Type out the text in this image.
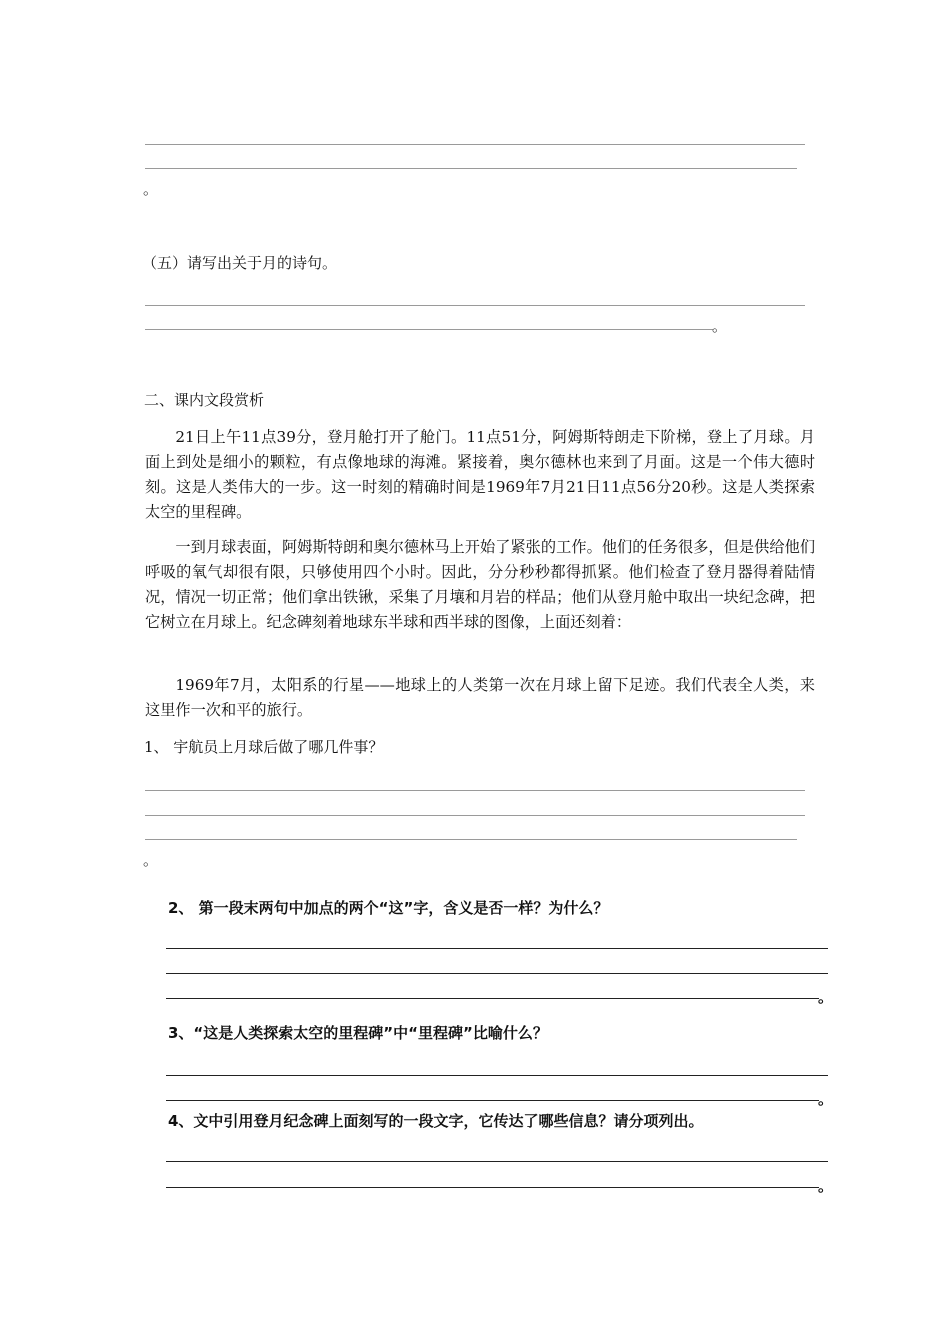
。
（五）请写出关于月的诗句。
。
二、课内文段赏析
21日上午11点39分，登月舱打开了舱门。11点51分，阿姆斯特朗走下阶梯，登上了月球。月面上到处是细小的颗粒，有点像地球的海滩。紧接着，奥尔德林也来到了月面。这是一个伟大德时刻。这是人类伟大的一步。这一时刻的精确时间是1969年7月21日11点56分20秒。这是人类探索太空的里程碑。
一到月球表面，阿姆斯特朗和奥尔德林马上开始了紧张的工作。他们的任务很多，但是供给他们呼吸的氧气却很有限，只够使用四个小时。因此，分分秒秒都得抓紧。他们检查了登月器得着陆情况，情况一切正常；他们拿出铁锹，采集了月壤和月岩的样品；他们从登月舱中取出一块纪念碑，把它树立在月球上。纪念碑刻着地球东半球和西半球的图像，上面还刻着：
1969年7月，太阳系的行星——地球上的人类第一次在月球上留下足迹。我们代表全人类，来这里作一次和平的旅行。
1、 宇航员上月球后做了哪几件事？
。
2、 第一段末两句中加点的两个“这”字，含义是否一样？为什么？
。
3、“这是人类探索太空的里程碑”中“里程碑”比喻什么？
。
4、文中引用登月纪念碑上面刻写的一段文字，它传达了哪些信息？请分项列出。
。
